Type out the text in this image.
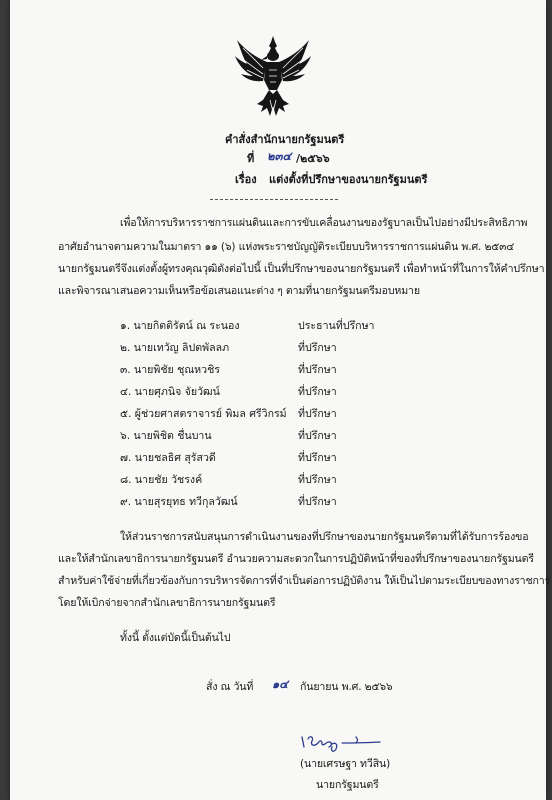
คำสั่งสำนักนายกรัฐมนตรี
ที่ ๒๓๔ /๒๕๖๖
เรื่อง แต่งตั้งที่ปรึกษาของนายกรัฐมนตรี
เพื่อให้การบริหารราชการแผ่นดินและการขับเคลื่อนงานของรัฐบาลเป็นไปอย่างมีประสิทธิภาพ
อาศัยอำนาจตามความในมาตรา ๑๑ (๖) แห่งพระราชบัญญัติระเบียบบริหารราชการแผ่นดิน พ.ศ. ๒๕๓๔
นายกรัฐมนตรีจึงแต่งตั้งผู้ทรงคุณวุฒิดังต่อไปนี้ เป็นที่ปรึกษาของนายกรัฐมนตรี เพื่อทำหน้าที่ในการให้คำปรึกษา
และพิจารณาเสนอความเห็นหรือข้อเสนอแนะต่าง ๆ ตามที่นายกรัฐมนตรีมอบหมาย
๑. นายกิตติรัตน์ ณ ระนอง	ประธานที่ปรึกษา
๒. นายเทวัญ ลิปตพัลลภ	ที่ปรึกษา
๓. นายพิชัย ชุณหวชิร	ที่ปรึกษา
๔. นายศุภนิจ จัยวัฒน์	ที่ปรึกษา
๕. ผู้ช่วยศาสตราจารย์ พิมล ศรีวิกรม์ ที่ปรึกษา
๖. นายพิชิต ชื่นบาน	ที่ปรึกษา
๗. นายชลธิศ สุรัสวดี	ที่ปรึกษา
๘. นายชัย วัชรงค์	ที่ปรึกษา
๙. นายสุรยุทธ ทวีกุลวัฒน์	ที่ปรึกษา
ให้ส่วนราชการสนับสนุนการดำเนินงานของที่ปรึกษาของนายกรัฐมนตรีตามที่ได้รับการร้องขอ
และให้สำนักเลขาธิการนายกรัฐมนตรี อำนวยความสะดวกในการปฏิบัติหน้าที่ของที่ปรึกษาของนายกรัฐมนตรี
สำหรับค่าใช้จ่ายที่เกี่ยวข้องกับการบริหารจัดการที่จำเป็นต่อการปฏิบัติงาน ให้เป็นไปตามระเบียบของทางราชการ
โดยให้เบิกจ่ายจากสำนักเลขาธิการนายกรัฐมนตรี
ทั้งนี้ ตั้งแต่บัดนี้เป็นต้นไป
สั่ง ณ วันที่ ๑๔ กันยายน พ.ศ. ๒๕๖๖
(นายเศรษฐา ทวีสิน)
นายกรัฐมนตรี
